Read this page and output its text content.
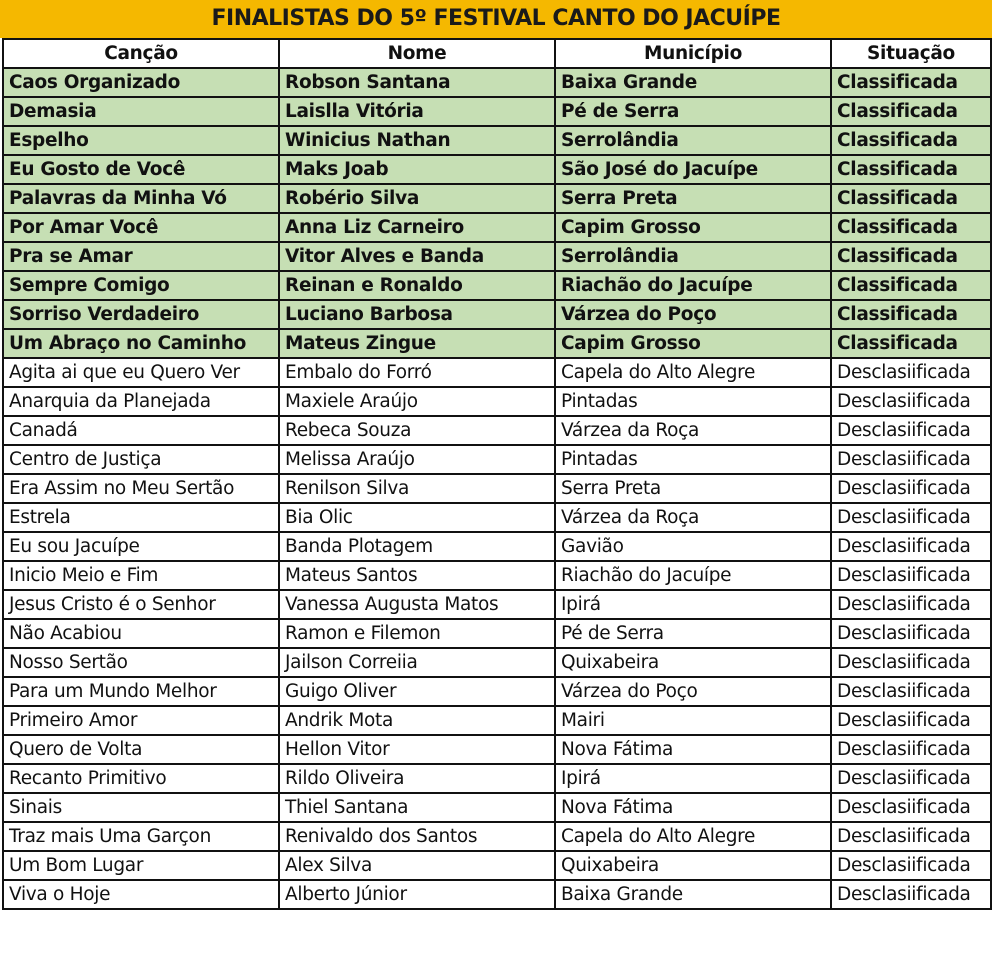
FINALISTAS DO 5º FESTIVAL CANTO DO JACUÍPE
Canção	Nome	Município	Situação
Caos Organizado	Robson Santana	Baixa Grande	Classificada
Demasia	Laislla Vitória	Pé de Serra	Classificada
Espelho	Winicius Nathan	Serrolândia	Classificada
Eu Gosto de Você	Maks Joab	São José do Jacuípe	Classificada
Palavras da Minha Vó	Robério Silva	Serra Preta	Classificada
Por Amar Você	Anna Liz Carneiro	Capim Grosso	Classificada
Pra se Amar	Vitor Alves e Banda	Serrolândia	Classificada
Sempre Comigo	Reinan e Ronaldo	Riachão do Jacuípe	Classificada
Sorriso Verdadeiro	Luciano Barbosa	Várzea do Poço	Classificada
Um Abraço no Caminho	Mateus Zingue	Capim Grosso	Classificada
Agita ai que eu Quero Ver	Embalo do Forró	Capela do Alto Alegre	Desclasiificada
Anarquia da Planejada	Maxiele Araújo	Pintadas	Desclasiificada
Canadá	Rebeca Souza	Várzea da Roça	Desclasiificada
Centro de Justiça	Melissa Araújo	Pintadas	Desclasiificada
Era Assim no Meu Sertão	Renilson Silva	Serra Preta	Desclasiificada
Estrela	Bia Olic	Várzea da Roça	Desclasiificada
Eu sou Jacuípe	Banda Plotagem	Gavião	Desclasiificada
Inicio Meio e Fim	Mateus Santos	Riachão do Jacuípe	Desclasiificada
Jesus Cristo é o Senhor	Vanessa Augusta Matos	Ipirá	Desclasiificada
Não Acabiou	Ramon e Filemon	Pé de Serra	Desclasiificada
Nosso Sertão	Jailson Correiia	Quixabeira	Desclasiificada
Para um Mundo Melhor	Guigo Oliver	Várzea do Poço	Desclasiificada
Primeiro Amor	Andrik Mota	Mairi	Desclasiificada
Quero de Volta	Hellon Vitor	Nova Fátima	Desclasiificada
Recanto Primitivo	Rildo Oliveira	Ipirá	Desclasiificada
Sinais	Thiel Santana	Nova Fátima	Desclasiificada
Traz mais Uma Garçon	Renivaldo dos Santos	Capela do Alto Alegre	Desclasiificada
Um Bom Lugar	Alex Silva	Quixabeira	Desclasiificada
Viva o Hoje	Alberto Júnior	Baixa Grande	Desclasiificada
